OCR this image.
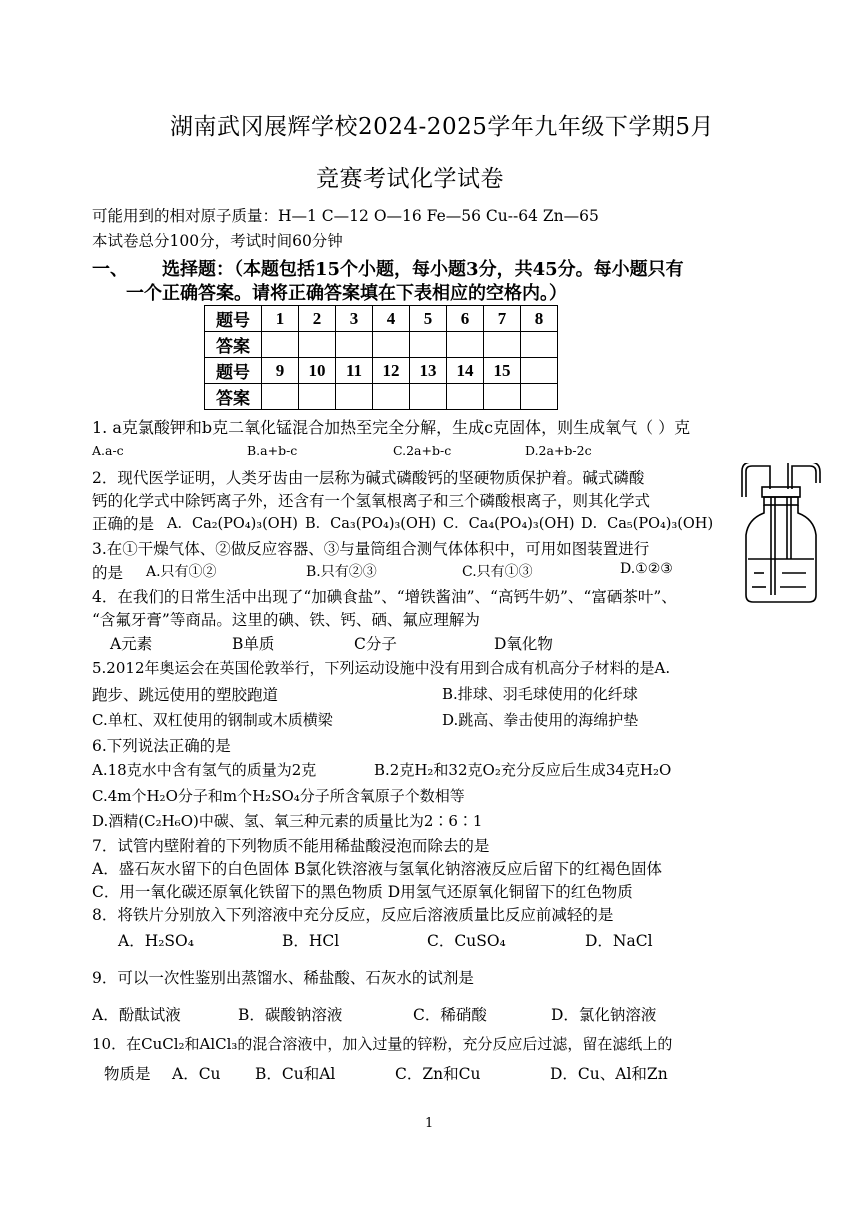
湖南武冈展辉学校2024-2025学年九年级下学期5月
竞赛考试化学试卷
可能用到的相对原子质量：H—1 C—12 O—16 Fe—56 Cu--64 Zn—65
本试卷总分100分，考试时间60分钟
一、 选择题：（本题包括15个小题，每小题3分，共45分。每小题只有
一个正确答案。请将正确答案填在下表相应的空格内。）
题号	1	2	3	4	5	6	7	8
答案								
题号	9	10	11	12	13	14	15	
答案								
1. a克氯酸钾和b克二氧化锰混合加热至完全分解，生成c克固体，则生成氧气（ ）克
A.a-c	B.a+b-c	C.2a+b-c	D.2a+b-2c
2．现代医学证明，人类牙齿由一层称为碱式磷酸钙的坚硬物质保护着。碱式磷酸
钙的化学式中除钙离子外，还含有一个氢氧根离子和三个磷酸根离子，则其化学式
正确的是 A．Ca₂(PO₄)₃(OH) B．Ca₃(PO₄)₃(OH) C．Ca₄(PO₄)₃(OH) D．Ca₅(PO₄)₃(OH)
3.在①干燥气体、②做反应容器、③与量筒组合测气体体积中，可用如图装置进行
的是 A.只有①②	B.只有②③	C.只有①③	D.①②③
4．在我们的日常生活中出现了“加碘食盐”、“增铁酱油”、“高钙牛奶”、“富硒茶叶”、
“含氟牙膏”等商品。这里的碘、铁、钙、硒、氟应理解为
A元素	B单质	C分子	D氧化物
5.2012年奥运会在英国伦敦举行，下列运动设施中没有用到合成有机高分子材料的是A.
跑步、跳远使用的塑胶跑道	B.排球、羽毛球使用的化纤球
C.单杠、双杠使用的钢制或木质横梁	D.跳高、拳击使用的海绵护垫
6.下列说法正确的是
A.18克水中含有氢气的质量为2克	B.2克H₂和32克O₂充分反应后生成34克H₂O
C.4m个H₂O分子和m个H₂SO₄分子所含氧原子个数相等
D.酒精(C₂H₆O)中碳、氢、氧三种元素的质量比为2∶6∶1
7．试管内壁附着的下列物质不能用稀盐酸浸泡而除去的是
A．盛石灰水留下的白色固体 B氯化铁溶液与氢氧化钠溶液反应后留下的红褐色固体
C．用一氧化碳还原氧化铁留下的黑色物质 D用氢气还原氧化铜留下的红色物质
8．将铁片分别放入下列溶液中充分反应，反应后溶液质量比反应前减轻的是
A．H₂SO₄	B．HCl	C．CuSO₄	D．NaCl
9．可以一次性鉴别出蒸馏水、稀盐酸、石灰水的试剂是
A．酚酞试液	B．碳酸钠溶液	C．稀硝酸	D．氯化钠溶液
10．在CuCl₂和AlCl₃的混合溶液中，加入过量的锌粉，充分反应后过滤，留在滤纸上的
物质是 A．Cu B．Cu和Al	C．Zn和Cu	D．Cu、Al和Zn
1
